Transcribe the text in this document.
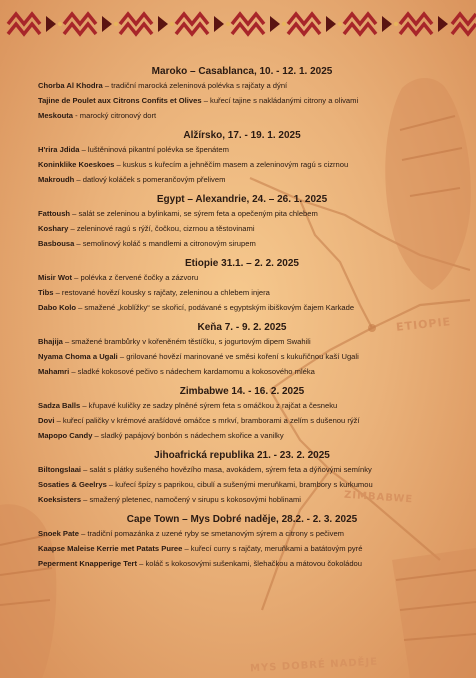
ETIOPIE
ZIMBABWE
MYS DOBRÉ NADĚJE
Maroko – Casablanca, 10. - 12. 1. 2025
Chorba Al Khodra – tradiční marocká zeleninová polévka s rajčaty a dýní
Tajine de Poulet aux Citrons Confits et Olives – kuřecí tajine s nakládanými citrony a olivami
Meskouta - marocký citronový dort
Alžírsko, 17. - 19. 1. 2025
H'rira Jdida – luštěninová pikantní polévka se špenátem
Koninklike Koeskoes – kuskus s kuřecím a jehněčím masem a zeleninovým ragú s cizrnou
Makroudh – datlový koláček s pomerančovým přelivem
Egypt – Alexandrie, 24. – 26. 1. 2025
Fattoush – salát se zeleninou a bylinkami, se sýrem feta a opečeným pita chlebem
Koshary – zeleninové ragú s rýží, čočkou, cizrnou a těstovinami
Basbousa – semolinový koláč s mandlemi a citronovým sirupem
Etiopie 31.1. – 2. 2. 2025
Misir Wot – polévka z červené čočky a zázvoru
Tibs – restované hovězí kousky s rajčaty, zeleninou a chlebem injera
Dabo Kolo – smažené „koblížky“ se skořicí, podávané s egyptským ibiškovým čajem Karkade
Keňa 7. - 9. 2. 2025
Bhajija – smažené brambůrky v kořeněném těstíčku, s jogurtovým dipem Swahili
Nyama Choma a Ugali – grilované hovězí marinované ve směsi koření s kukuřičnou kaší Ugali
Mahamri – sladké kokosové pečivo s nádechem kardamomu a kokosového mléka
Zimbabwe 14. - 16. 2. 2025
Sadza Balls – křupavé kuličky ze sadzy plněné sýrem feta s omáčkou z rajčat a česneku
Dovi – kuřecí paličky v krémové arašídové omáčce s mrkví, bramborami a zelím s dušenou rýží
Mapopo Candy – sladký papájový bonbón s nádechem skořice a vanilky
Jihoafrická republika 21. - 23. 2. 2025
Biltongslaai – salát s plátky sušeného hovězího masa, avokádem, sýrem feta a dýňovými semínky
Sosaties & Geelrys – kuřecí špízy s paprikou, cibulí a sušenými meruňkami, brambory s kurkumou
Koeksisters – smažený pletenec, namočený v sirupu s kokosovými hoblinami
Cape Town – Mys Dobré naděje, 28.2. - 2. 3. 2025
Snoek Pate – tradiční pomazánka z uzené ryby se smetanovým sýrem a citrony s pečivem
Kaapse Maleise Kerrie met Patats Puree – kuřecí curry s rajčaty, meruňkami a batátovým pyré
Peperment Knapperige Tert – koláč s kokosovými sušenkami, šlehačkou a mátovou čokoládou
